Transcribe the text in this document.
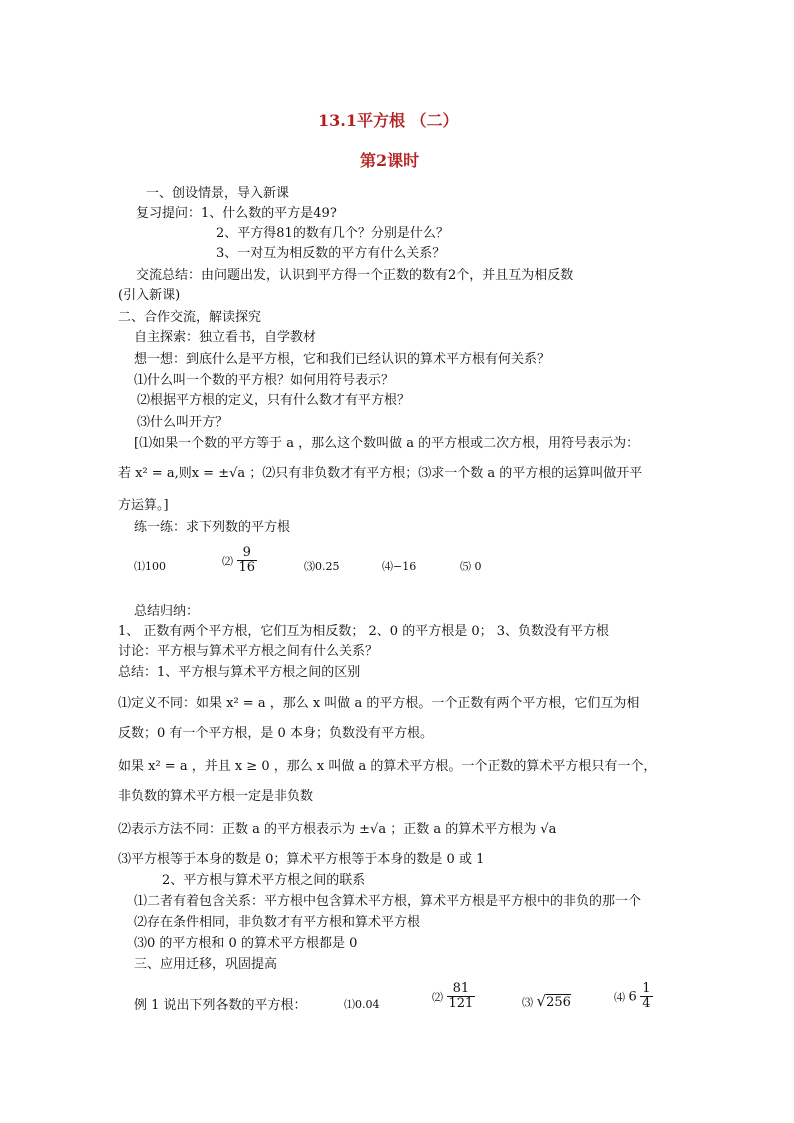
13.1平方根 （二）
第2课时
一、创设情景，导入新课
复习提问：1、什么数的平方是49?
2、平方得81的数有几个？分别是什么？
3、一对互为相反数的平方有什么关系？
交流总结：由问题出发，认识到平方得一个正数的数有2个，并且互为相反数
(引入新课)
二、合作交流，解读探究
自主探索：独立看书，自学教材
想一想：到底什么是平方根，它和我们已经认识的算术平方根有何关系？
⑴什么叫一个数的平方根？如何用符号表示？
⑵根据平方根的定义，只有什么数才有平方根？
⑶什么叫开方？
[⑴如果一个数的平方等于 a ，那么这个数叫做 a 的平方根或二次方根，用符号表示为：
若 x² = a,则x = ±√a ；⑵只有非负数才有平方根；⑶求一个数 a 的平方根的运算叫做开平
方运算。]
练一练：求下列数的平方根
⑴100	⑵ $\frac{9}{16}$	⑶0.25	⑷−16	⑸ 0
总结归纳：
1、 正数有两个平方根，它们互为相反数； 2、0 的平方根是 0； 3、负数没有平方根
讨论：平方根与算术平方根之间有什么关系？
总结：1、平方根与算术平方根之间的区别
⑴定义不同：如果 x² = a ，那么 x 叫做 a 的平方根。一个正数有两个平方根，它们互为相
反数；0 有一个平方根，是 0 本身；负数没有平方根。
如果 x² = a ，并且 x ≥ 0 ，那么 x 叫做 a 的算术平方根。一个正数的算术平方根只有一个，
非负数的算术平方根一定是非负数
⑵表示方法不同：正数 a 的平方根表示为 ±√a ；正数 a 的算术平方根为 √a
⑶平方根等于本身的数是 0；算术平方根等于本身的数是 0 或 1
2、平方根与算术平方根之间的联系
⑴二者有着包含关系：平方根中包含算术平方根，算术平方根是平方根中的非负的那一个
⑵存在条件相同，非负数才有平方根和算术平方根
⑶0 的平方根和 0 的算术平方根都是 0
三、应用迁移，巩固提高
例 1 说出下列各数的平方根：	⑴0.04
⑵ $\frac{81}{121}$	⑶ √256	⑷ $6 \frac{1}{4}$
